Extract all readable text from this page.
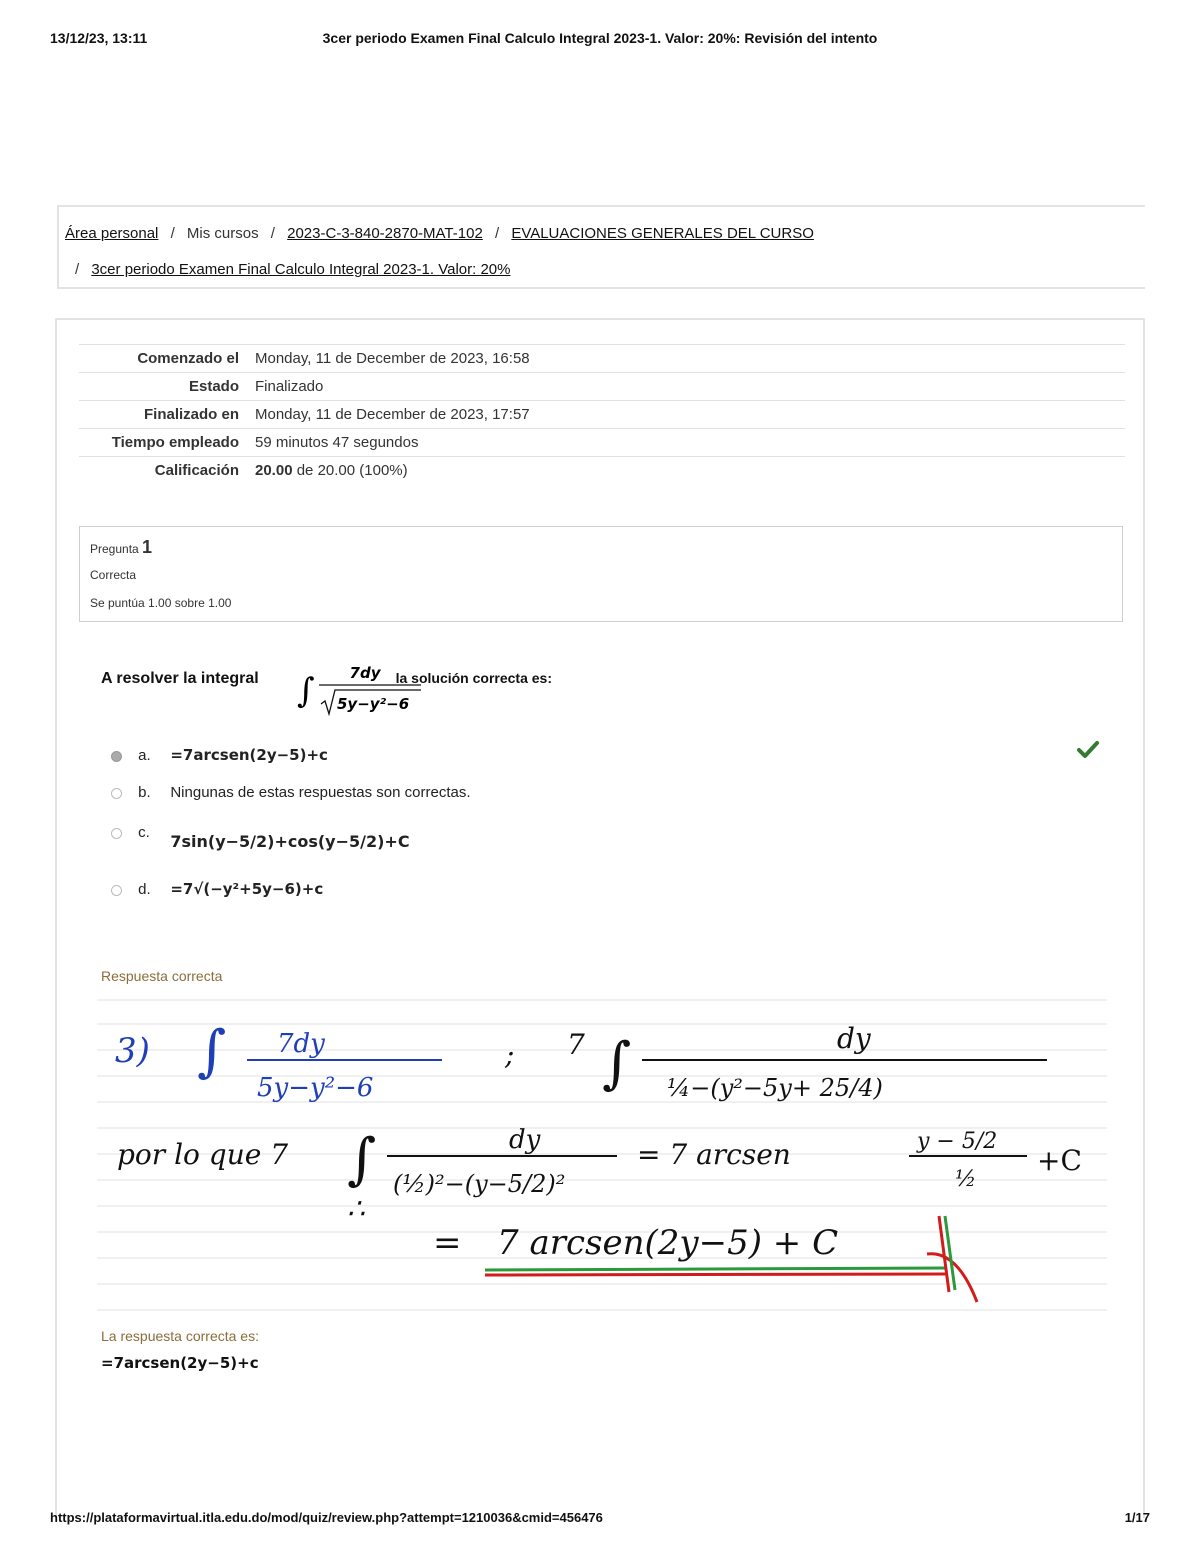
13/12/23, 13:11	3cer periodo Examen Final Calculo Integral 2023-1. Valor: 20%: Revisión del intento
Área personal / Mis cursos / 2023-C-3-840-2870-MAT-102 / EVALUACIONES GENERALES DEL CURSO
/ 3cer periodo Examen Final Calculo Integral 2023-1. Valor: 20%
Comenzado el	Monday, 11 de December de 2023, 16:58
Estado	Finalizado
Finalizado en	Monday, 11 de December de 2023, 17:57
Tiempo empleado	59 minutos 47 segundos
Calificación	20.00 de 20.00 (100%)
Pregunta 1
Correcta
Se puntúa 1.00 sobre 1.00
A resolver la integral	la solución correcta es:
∫ 7dy
5y−y²−6
a. =7arcsen(2y−5)+c
b. Ningunas de estas respuestas son correctas.
c. 7sin(y−5/2)+cos(y−5/2)+C
d. =7√(−y²+5y−6)+c
Respuesta correcta
3) ∫ 7dy
5y−y²−6
; 7 ∫	dy
¼−(y²−5y+ 25/4)
por lo que 7 ∫	dy
(½)²−(y−5/2)²
= 7 arcsen	y − 5/2
½
+C
∴
= 7 arcsen(2y−5) + C
La respuesta correcta es:
=7arcsen(2y−5)+c
https://plataformavirtual.itla.edu.do/mod/quiz/review.php?attempt=1210036&cmid=456476	1/17
